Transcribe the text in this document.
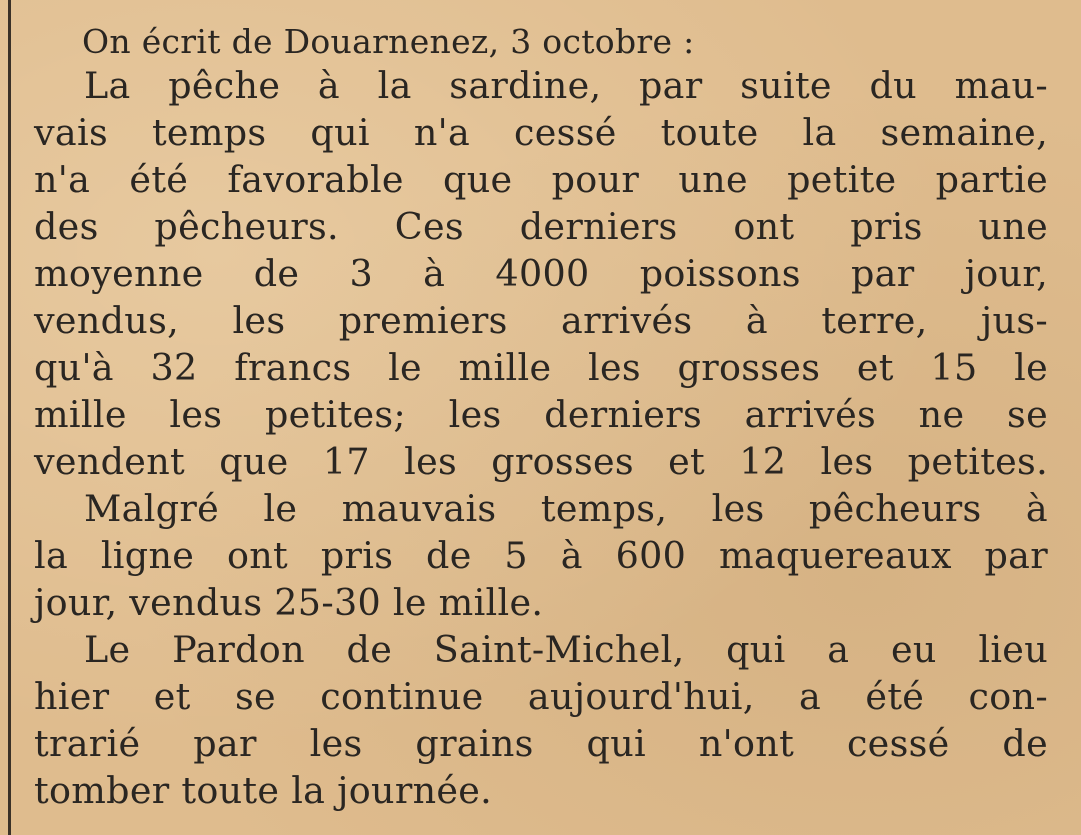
On écrit de Douarnenez, 3 octobre :
La pêche à la sardine, par suite du mau-
vais temps qui n'a cessé toute la semaine,
n'a été favorable que pour une petite partie
des pêcheurs. Ces derniers ont pris une
moyenne de 3 à 4000 poissons par jour,
vendus, les premiers arrivés à terre, jus-
qu'à 32 francs le mille les grosses et 15 le
mille les petites; les derniers arrivés ne se
vendent que 17 les grosses et 12 les petites.
Malgré le mauvais temps, les pêcheurs à
la ligne ont pris de 5 à 600 maquereaux par
jour, vendus 25-30 le mille.
Le Pardon de Saint-Michel, qui a eu lieu
hier et se continue aujourd'hui, a été con-
trarié par les grains qui n'ont cessé de
tomber toute la journée.
